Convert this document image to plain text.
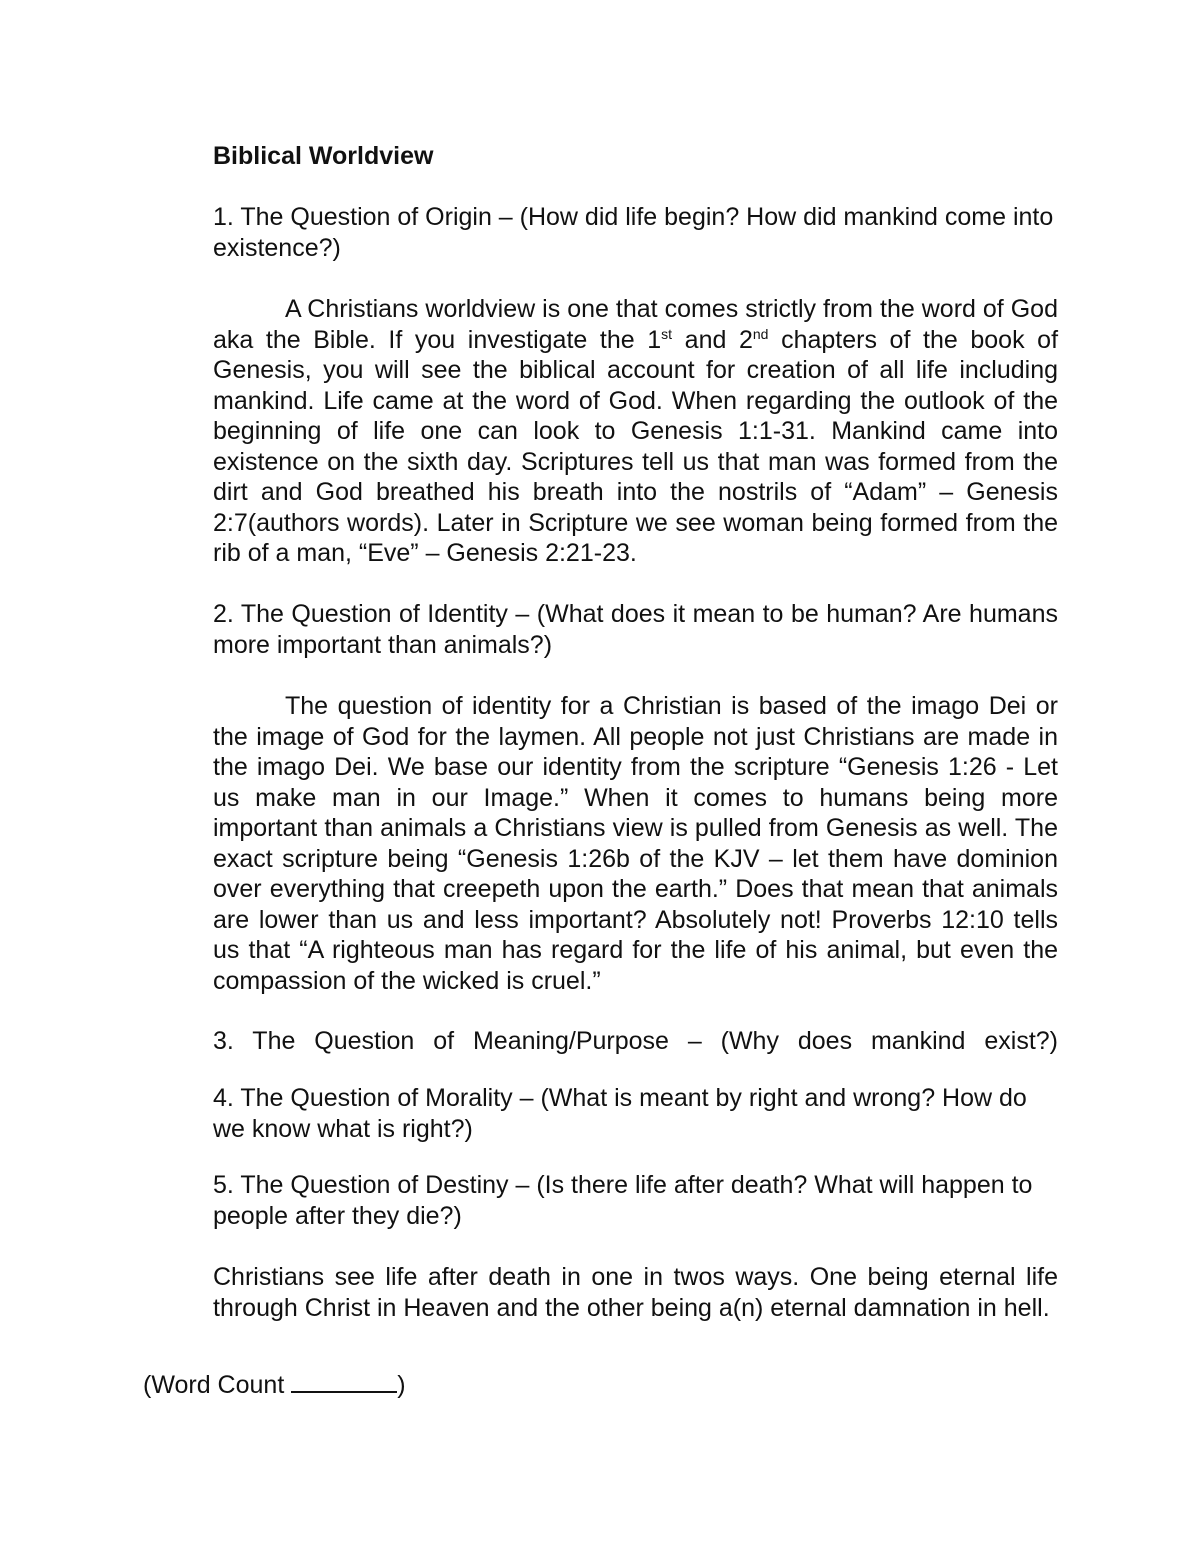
Biblical Worldview

1. The Question of Origin – (How did life begin? How did mankind come into existence?)

A Christians worldview is one that comes strictly from the word of God aka the Bible. If you investigate the 1st and 2nd chapters of the book of Genesis, you will see the biblical account for creation of all life including mankind. Life came at the word of God. When regarding the outlook of the beginning of life one can look to Genesis 1:1-31. Mankind came into existence on the sixth day. Scriptures tell us that man was formed from the dirt and God breathed his breath into the nostrils of “Adam” – Genesis 2:7(authors words). Later in Scripture we see woman being formed from the rib of a man, “Eve” – Genesis 2:21-23.

2. The Question of Identity – (What does it mean to be human? Are humans more important than animals?)

The question of identity for a Christian is based of the imago Dei or the image of God for the laymen. All people not just Christians are made in the imago Dei. We base our identity from the scripture “Genesis 1:26 - Let us make man in our Image.” When it comes to humans being more important than animals a Christians view is pulled from Genesis as well. The exact scripture being “Genesis 1:26b of the KJV – let them have dominion over everything that creepeth upon the earth.” Does that mean that animals are lower than us and less important? Absolutely not! Proverbs 12:10 tells us that “A righteous man has regard for the life of his animal, but even the compassion of the wicked is cruel.”

3. The Question of Meaning/Purpose – (Why does mankind exist?)

4. The Question of Morality – (What is meant by right and wrong? How do we know what is right?)

5. The Question of Destiny – (Is there life after death? What will happen to people after they die?)

Christians see life after death in one in twos ways. One being eternal life through Christ in Heaven and the other being a(n) eternal damnation in hell.

(Word Count	)
